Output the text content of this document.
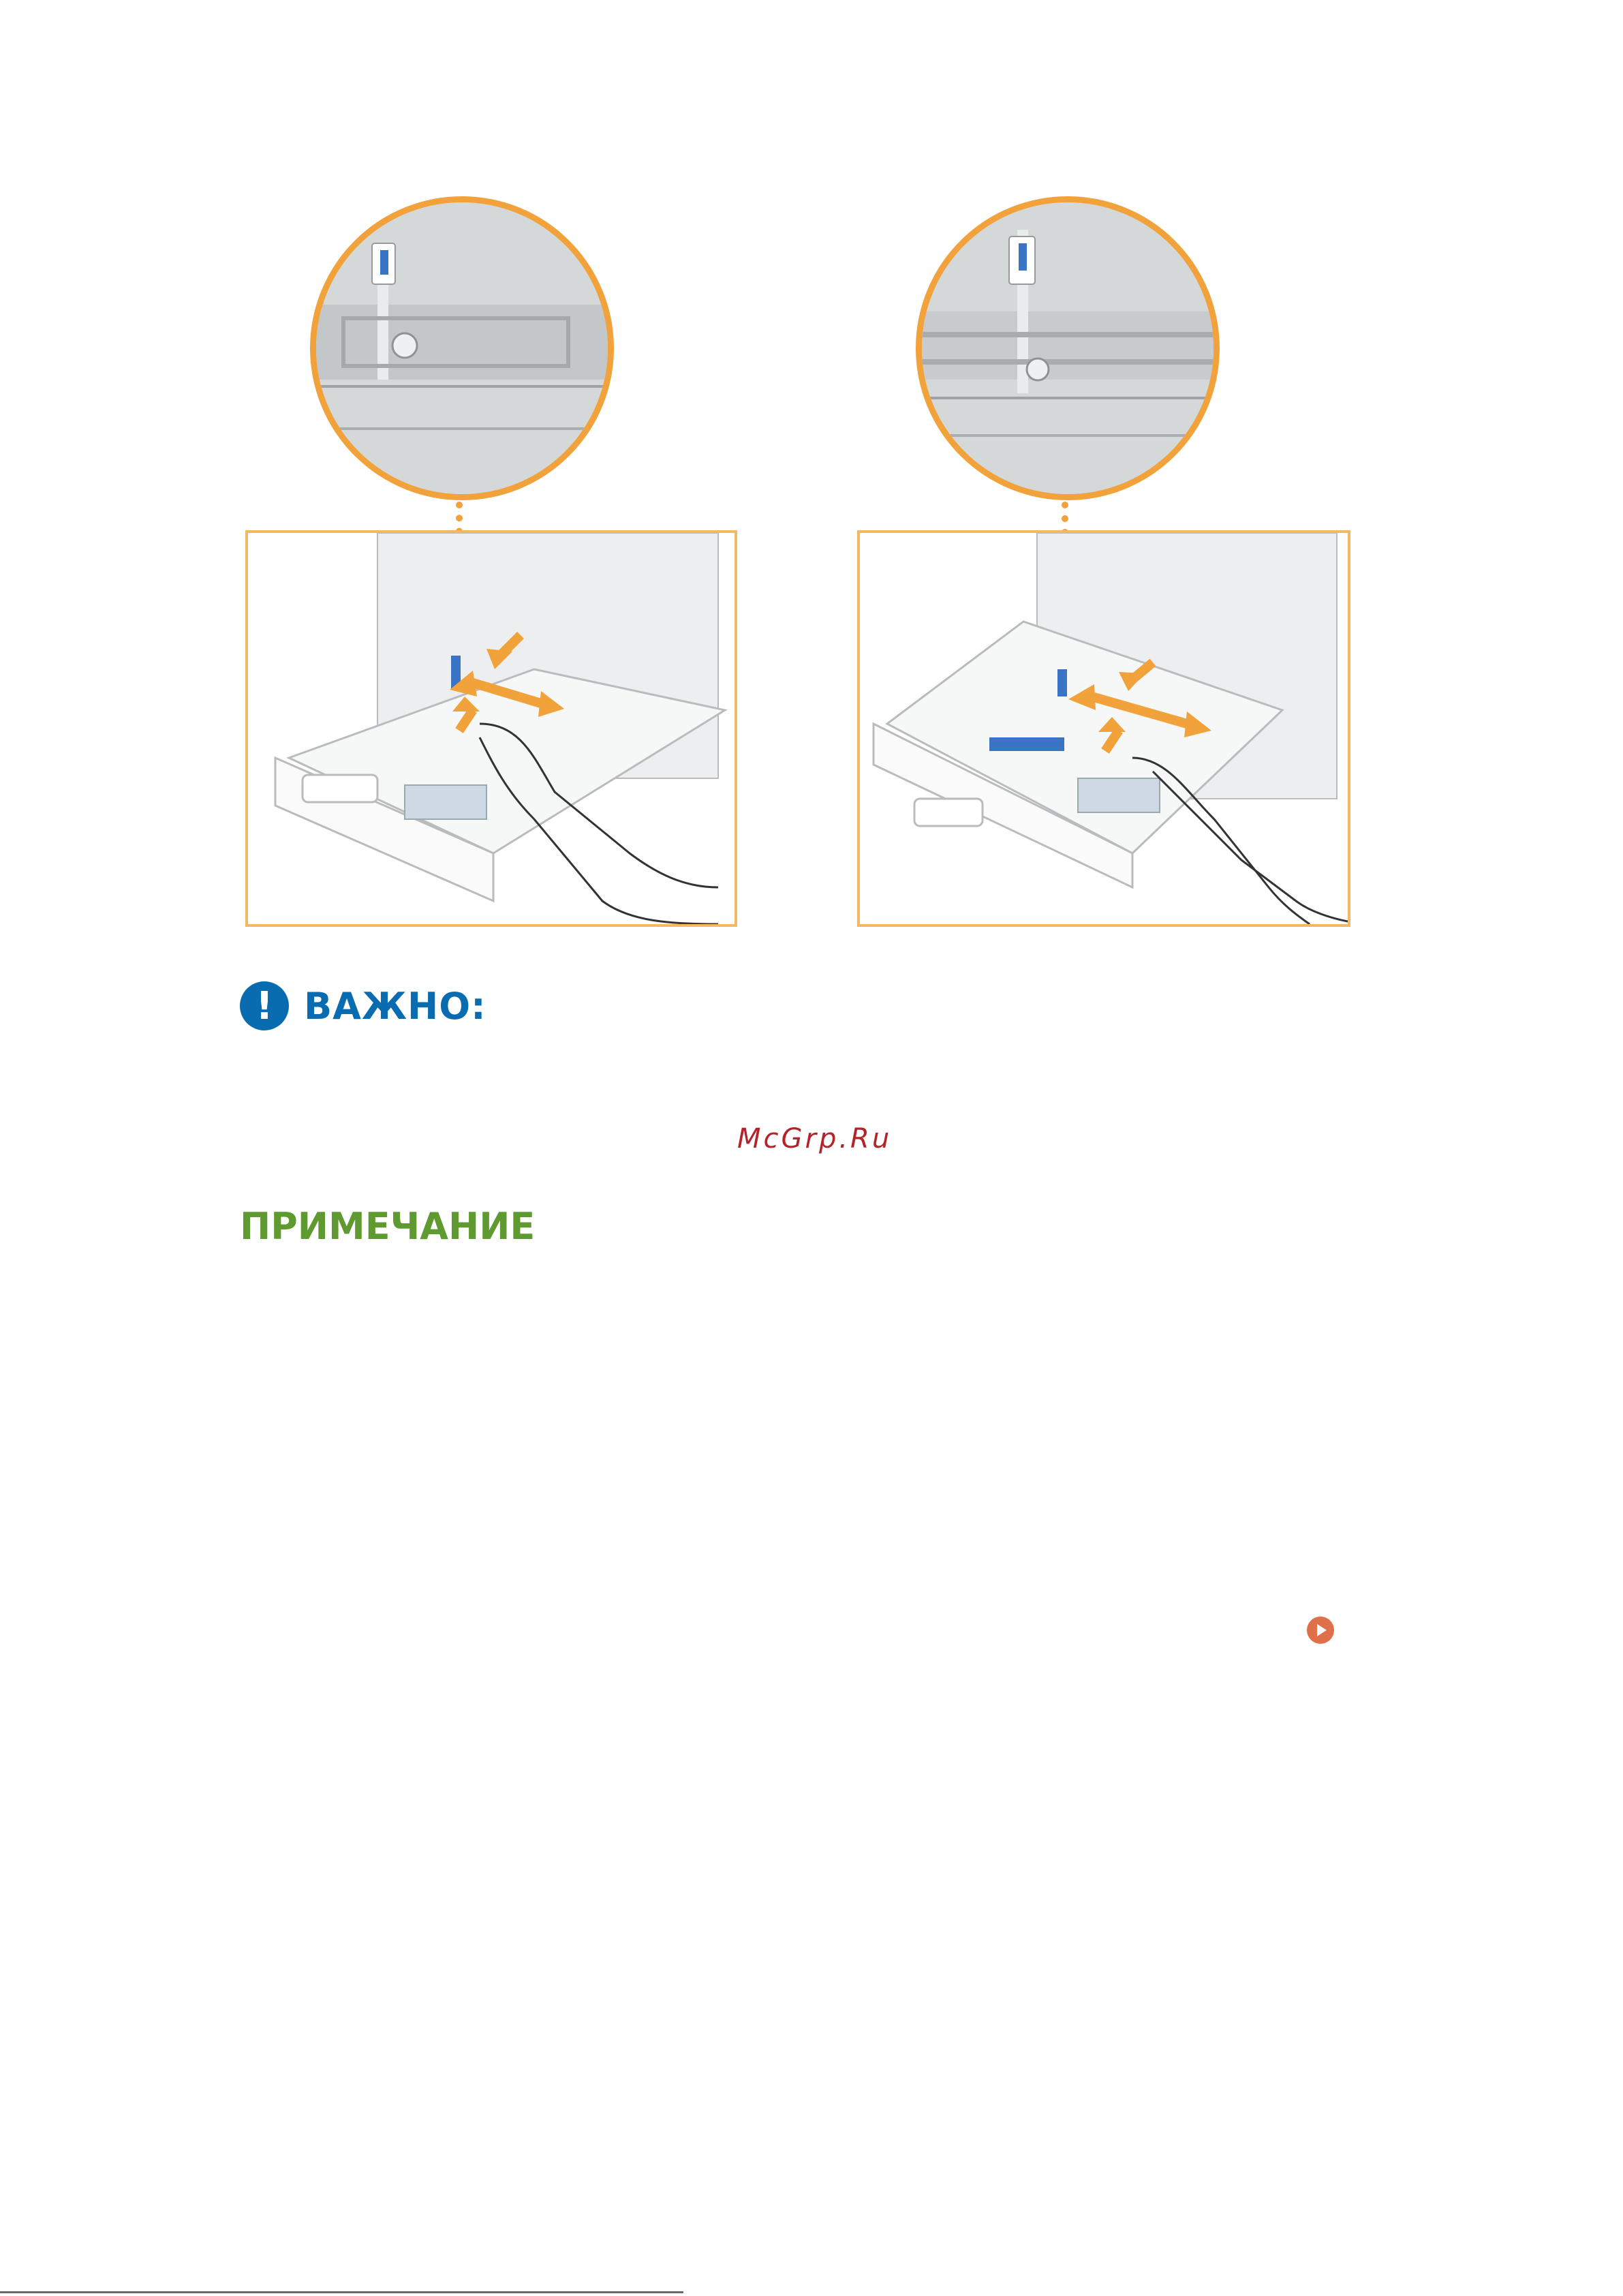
! ВАЖНО:
McGrp.Ru
ПРИМЕЧАНИЕ
